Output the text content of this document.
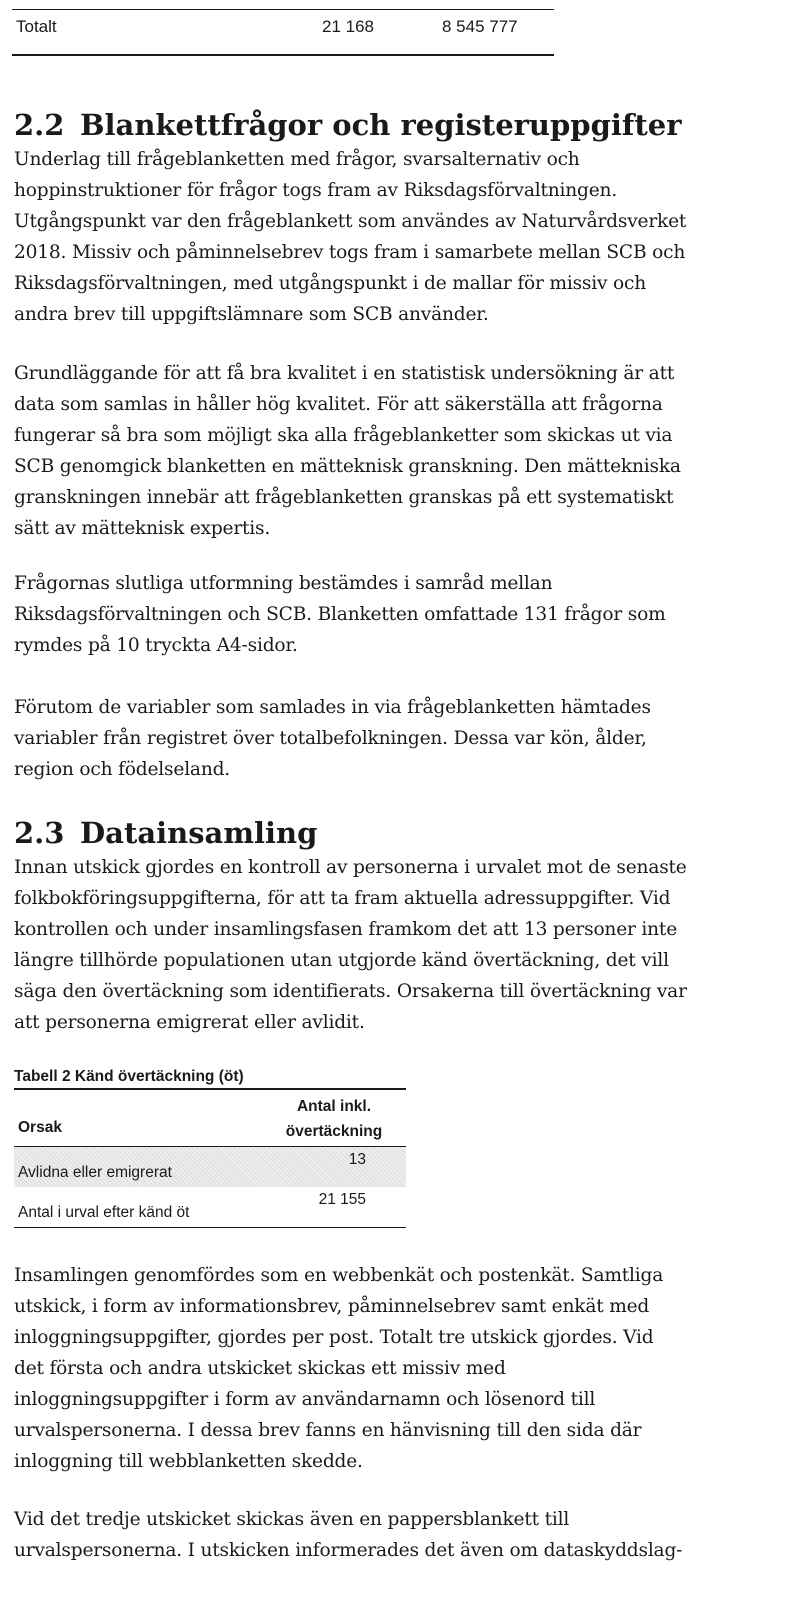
Totalt	21 168	8 545 777
2.2 Blankettfrågor och registeruppgifter

Underlag till frågeblanketten med frågor, svarsalternativ och
hoppinstruktioner för frågor togs fram av Riksdagsförvaltningen.
Utgångspunkt var den frågeblankett som användes av Naturvårdsverket
2018. Missiv och påminnelsebrev togs fram i samarbete mellan SCB och
Riksdagsförvaltningen, med utgångspunkt i de mallar för missiv och
andra brev till uppgiftslämnare som SCB använder.

Grundläggande för att få bra kvalitet i en statistisk undersökning är att
data som samlas in håller hög kvalitet. För att säkerställa att frågorna
fungerar så bra som möjligt ska alla frågeblanketter som skickas ut via
SCB genomgick blanketten en mätteknisk granskning. Den mättekniska
granskningen innebär att frågeblanketten granskas på ett systematiskt
sätt av mätteknisk expertis.

Frågornas slutliga utformning bestämdes i samråd mellan
Riksdagsförvaltningen och SCB. Blanketten omfattade 131 frågor som
rymdes på 10 tryckta A4-sidor.

Förutom de variabler som samlades in via frågeblanketten hämtades
variabler från registret över totalbefolkningen. Dessa var kön, ålder,
region och födelseland.

2.3 Datainsamling

Innan utskick gjordes en kontroll av personerna i urvalet mot de senaste
folkbokföringsuppgifterna, för att ta fram aktuella adressuppgifter. Vid
kontrollen och under insamlingsfasen framkom det att 13 personer inte
längre tillhörde populationen utan utgjorde känd övertäckning, det vill
säga den övertäckning som identifierats. Orsakerna till övertäckning var
att personerna emigrerat eller avlidit.

Tabell 2 Känd övertäckning (öt)
Orsak
Antal inkl.
övertäckning
Avlidna eller emigrerat
13
Antal i urval efter känd öt
21 155

Insamlingen genomfördes som en webbenkät och postenkät. Samtliga
utskick, i form av informationsbrev, påminnelsebrev samt enkät med
inloggningsuppgifter, gjordes per post. Totalt tre utskick gjordes. Vid
det första och andra utskicket skickas ett missiv med
inloggningsuppgifter i form av användarnamn och lösenord till
urvalspersonerna. I dessa brev fanns en hänvisning till den sida där
inloggning till webblanketten skedde.

Vid det tredje utskicket skickas även en pappersblankett till
urvalspersonerna. I utskicken informerades det även om dataskyddslag-
